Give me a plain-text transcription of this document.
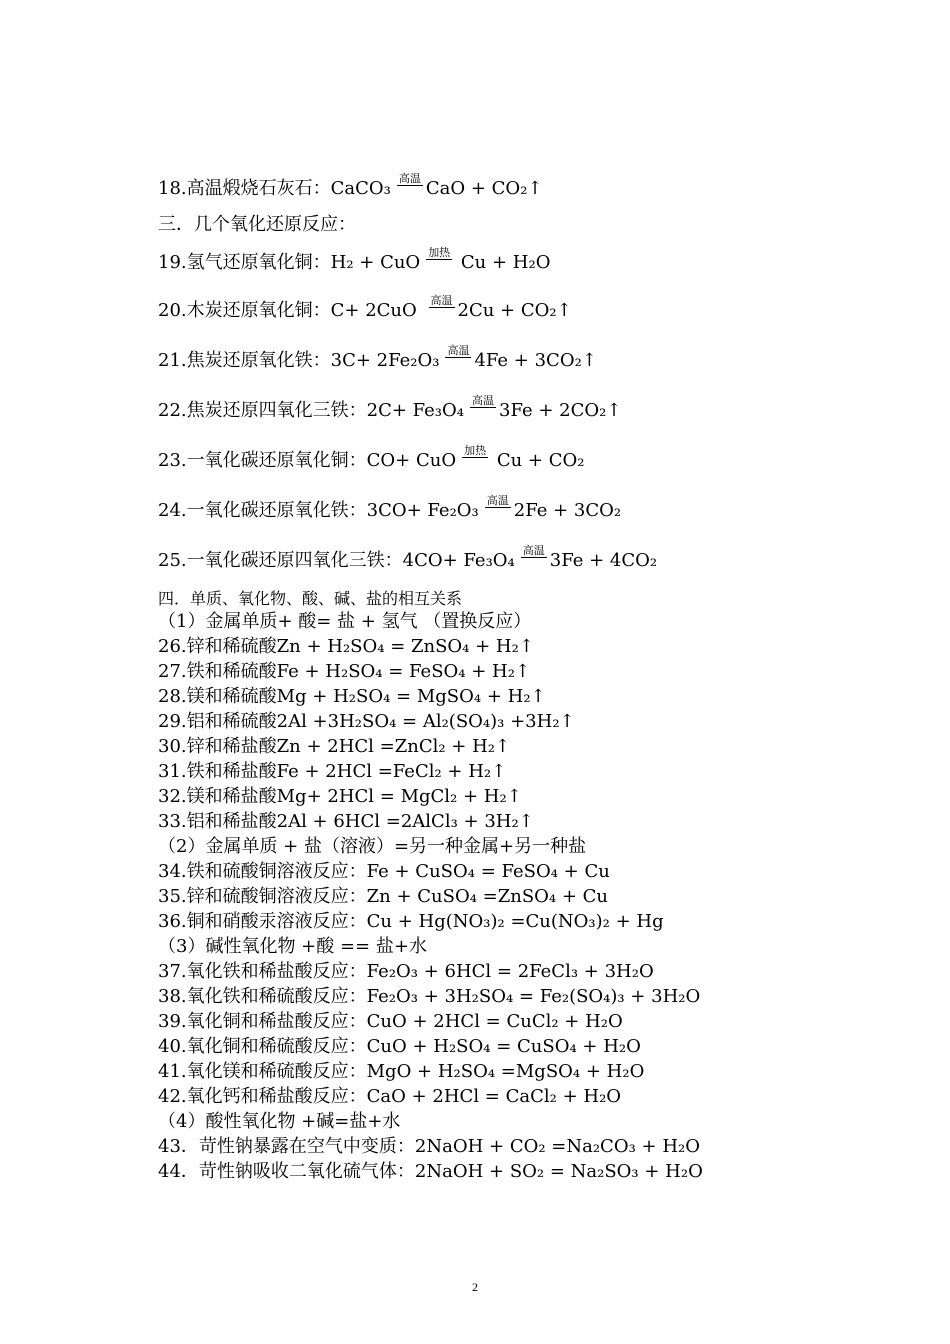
2
18.高温煅烧石灰石：CaCO₃ 高温 CaO + CO₂↑
三．几个氧化还原反应：
19.氢气还原氧化铜：H₂ + CuO 加热 Cu + H₂O
20.木炭还原氧化铜：C+ 2CuO 高温 2Cu + CO₂↑
21.焦炭还原氧化铁：3C+ 2Fe₂O₃ 高温 4Fe + 3CO₂↑
22.焦炭还原四氧化三铁：2C+ Fe₃O₄ 高温 3Fe + 2CO₂↑
23.一氧化碳还原氧化铜：CO+ CuO 加热 Cu + CO₂
24.一氧化碳还原氧化铁：3CO+ Fe₂O₃ 高温 2Fe + 3CO₂
25.一氧化碳还原四氧化三铁：4CO+ Fe₃O₄ 高温 3Fe + 4CO₂
四．单质、氧化物、酸、碱、盐的相互关系
（1）金属单质+ 酸= 盐 + 氢气 （置换反应）
26.锌和稀硫酸Zn + H₂SO₄ = ZnSO₄ + H₂↑
27.铁和稀硫酸Fe + H₂SO₄ = FeSO₄ + H₂↑
28.镁和稀硫酸Mg + H₂SO₄ = MgSO₄ + H₂↑
29.铝和稀硫酸2Al +3H₂SO₄ = Al₂(SO₄)₃ +3H₂↑
30.锌和稀盐酸Zn + 2HCl =ZnCl₂ + H₂↑
31.铁和稀盐酸Fe + 2HCl =FeCl₂ + H₂↑
32.镁和稀盐酸Mg+ 2HCl = MgCl₂ + H₂↑
33.铝和稀盐酸2Al + 6HCl =2AlCl₃ + 3H₂↑
（2）金属单质 + 盐（溶液）=另一种金属+另一种盐
34.铁和硫酸铜溶液反应：Fe + CuSO₄ = FeSO₄ + Cu
35.锌和硫酸铜溶液反应：Zn + CuSO₄ =ZnSO₄ + Cu
36.铜和硝酸汞溶液反应：Cu + Hg(NO₃)₂ =Cu(NO₃)₂ + Hg
（3）碱性氧化物 +酸 == 盐+水
37.氧化铁和稀盐酸反应：Fe₂O₃ + 6HCl = 2FeCl₃ + 3H₂O
38.氧化铁和稀硫酸反应：Fe₂O₃ + 3H₂SO₄ = Fe₂(SO₄)₃ + 3H₂O
39.氧化铜和稀盐酸反应：CuO + 2HCl = CuCl₂ + H₂O
40.氧化铜和稀硫酸反应：CuO + H₂SO₄ = CuSO₄ + H₂O
41.氧化镁和稀硫酸反应：MgO + H₂SO₄ =MgSO₄ + H₂O
42.氧化钙和稀盐酸反应：CaO + 2HCl = CaCl₂ + H₂O
（4）酸性氧化物 +碱=盐+水
43．苛性钠暴露在空气中变质：2NaOH + CO₂ =Na₂CO₃ + H₂O
44．苛性钠吸收二氧化硫气体：2NaOH + SO₂ = Na₂SO₃ + H₂O
